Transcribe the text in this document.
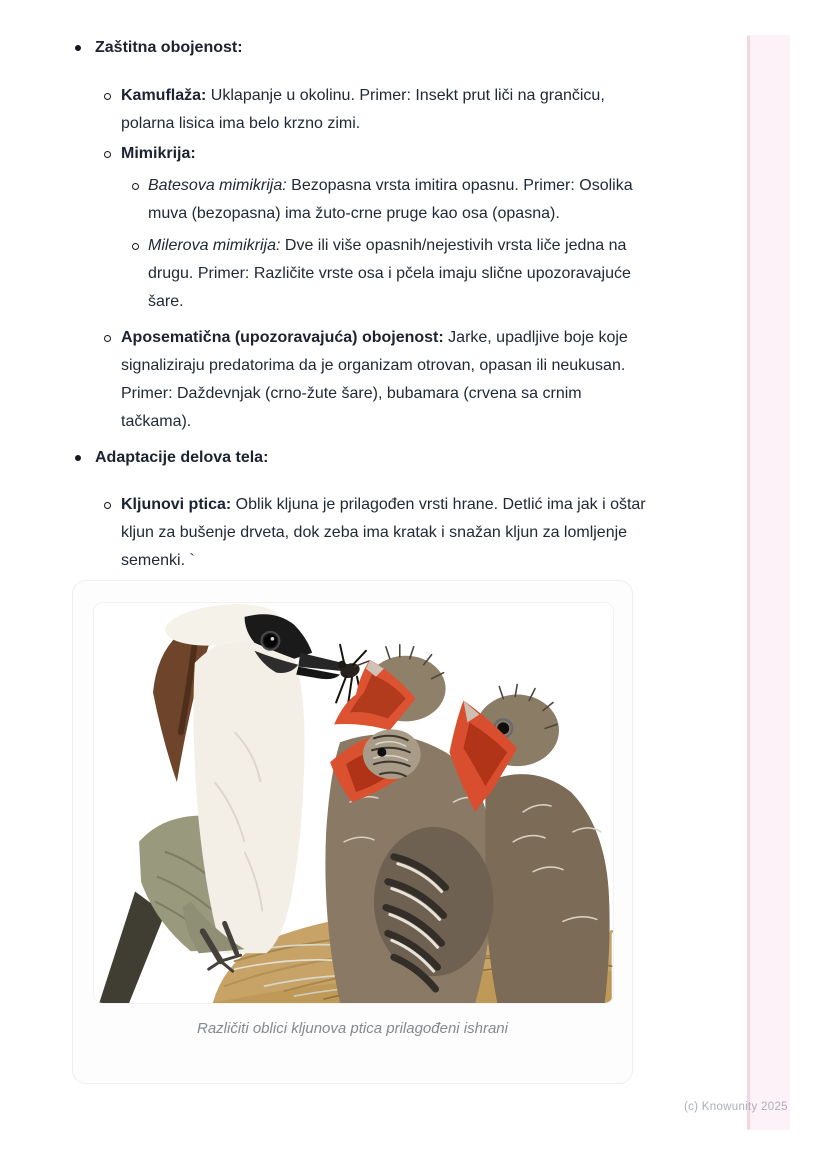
Zaštitna obojenost:

Kamuflaža: Uklapanje u okolinu. Primer: Insekt prut liči na grančicu, polarna lisica ima belo krzno zimi.

Mimikrija:

Batesova mimikrija: Bezopasna vrsta imitira opasnu. Primer: Osolika muva (bezopasna) ima žuto-crne pruge kao osa (opasna).

Milerova mimikrija: Dve ili više opasnih/nejestivih vrsta liče jedna na drugu. Primer: Različite vrste osa i pčela imaju slične upozoravajuće šare.

Aposematična (upozoravajuća) obojenost: Jarke, upadljive boje koje signaliziraju predatorima da je organizam otrovan, opasan ili neukusan. Primer: Daždevnjak (crno-žute šare), bubamara (crvena sa crnim tačkama).

Adaptacije delova tela:

Kljunovi ptica: Oblik kljuna je prilagođen vrsti hrane. Detlić ima jak i oštar kljun za bušenje drveta, dok zeba ima kratak i snažan kljun za lomljenje semenki. `

Različiti oblici kljunova ptica prilagođeni ishrani
(c) Knowunity 2025
